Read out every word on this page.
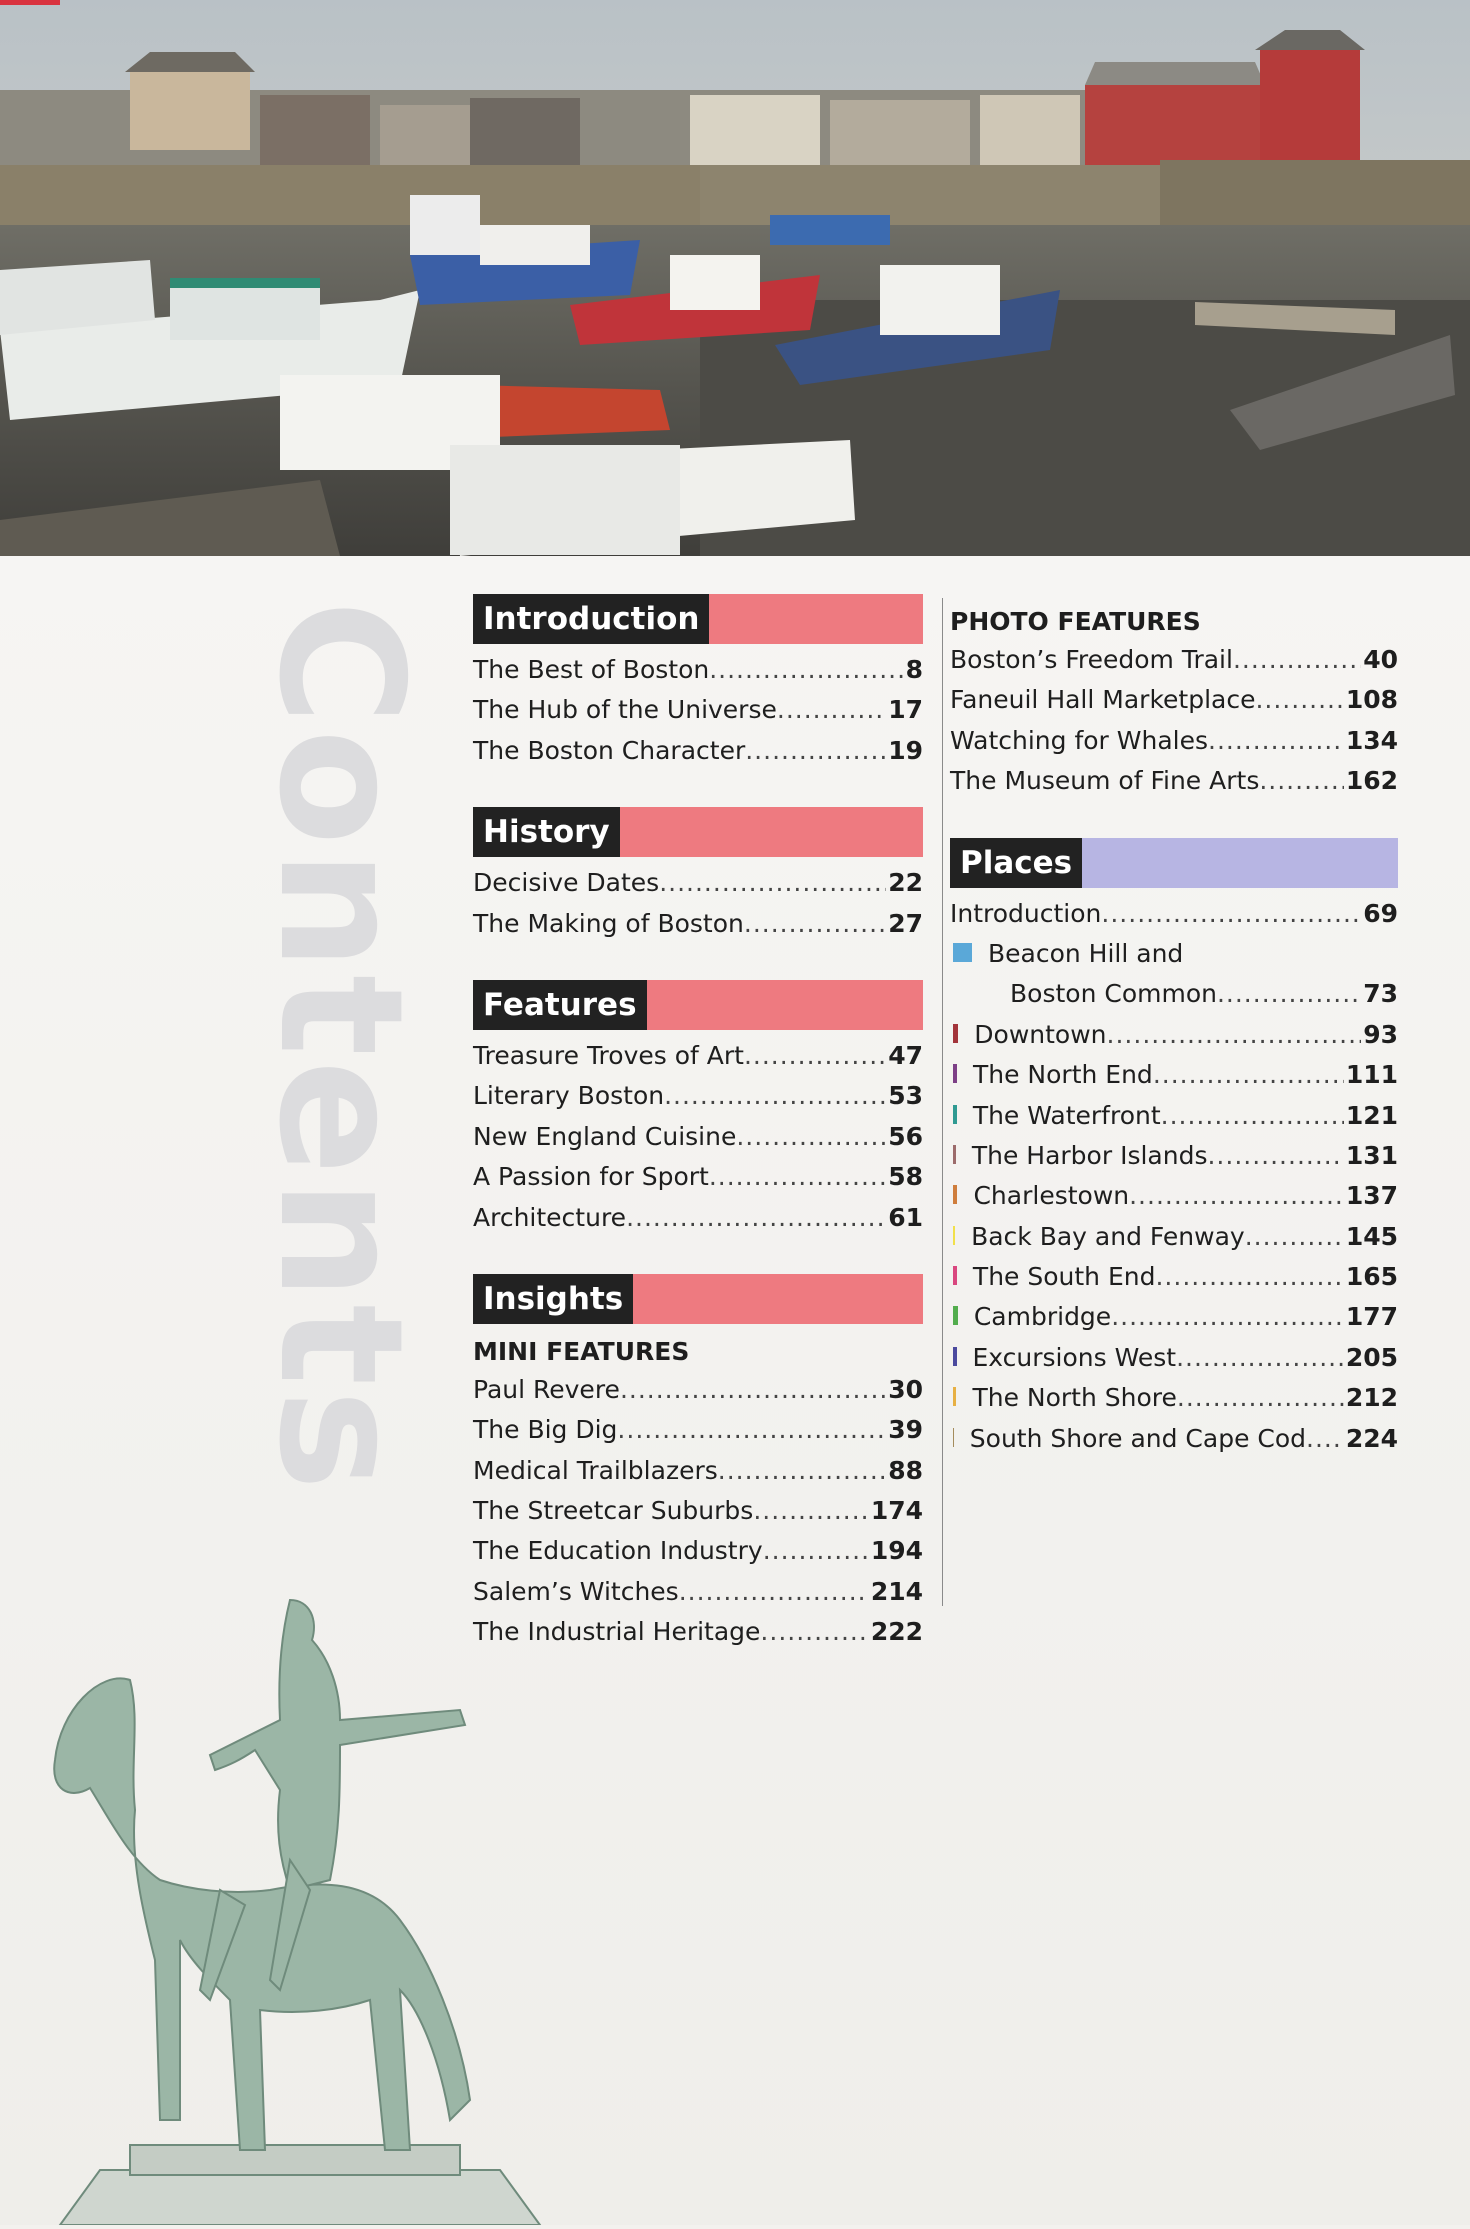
Contents	Introduction
The Best of Boston .....	8
The Hub of the Universe .....	17
The Boston Character .....	19
History
Decisive Dates .....	22
The Making of Boston .....	27
Features
Treasure Troves of Art .....	47
Literary Boston .....	53
New England Cuisine .....	56
A Passion for Sport .....	58
Architecture .....	61
Insights
MINI FEATURES
Paul Revere .....	30
The Big Dig .....	39
Medical Trailblazers .....	88
The Streetcar Suburbs .....	174
The Education Industry .....	194
Salem’s Witches .....	214
The Industrial Heritage .....	222
PHOTO FEATURES
Boston’s Freedom Trail .....	40
Faneuil Hall Marketplace .....	108
Watching for Whales .....	134
The Museum of Fine Arts .....	162
Places
Introduction .....	69
Beacon Hill and
Boston Common .....	73
Downtown .....	93
The North End .....	111
The Waterfront .....	121
The Harbor Islands .....	131
Charlestown .....	137
Back Bay and Fenway .....	145
The South End .....	165
Cambridge .....	177
Excursions West .....	205
The North Shore .....	212
South Shore and Cape Cod ..... 224
